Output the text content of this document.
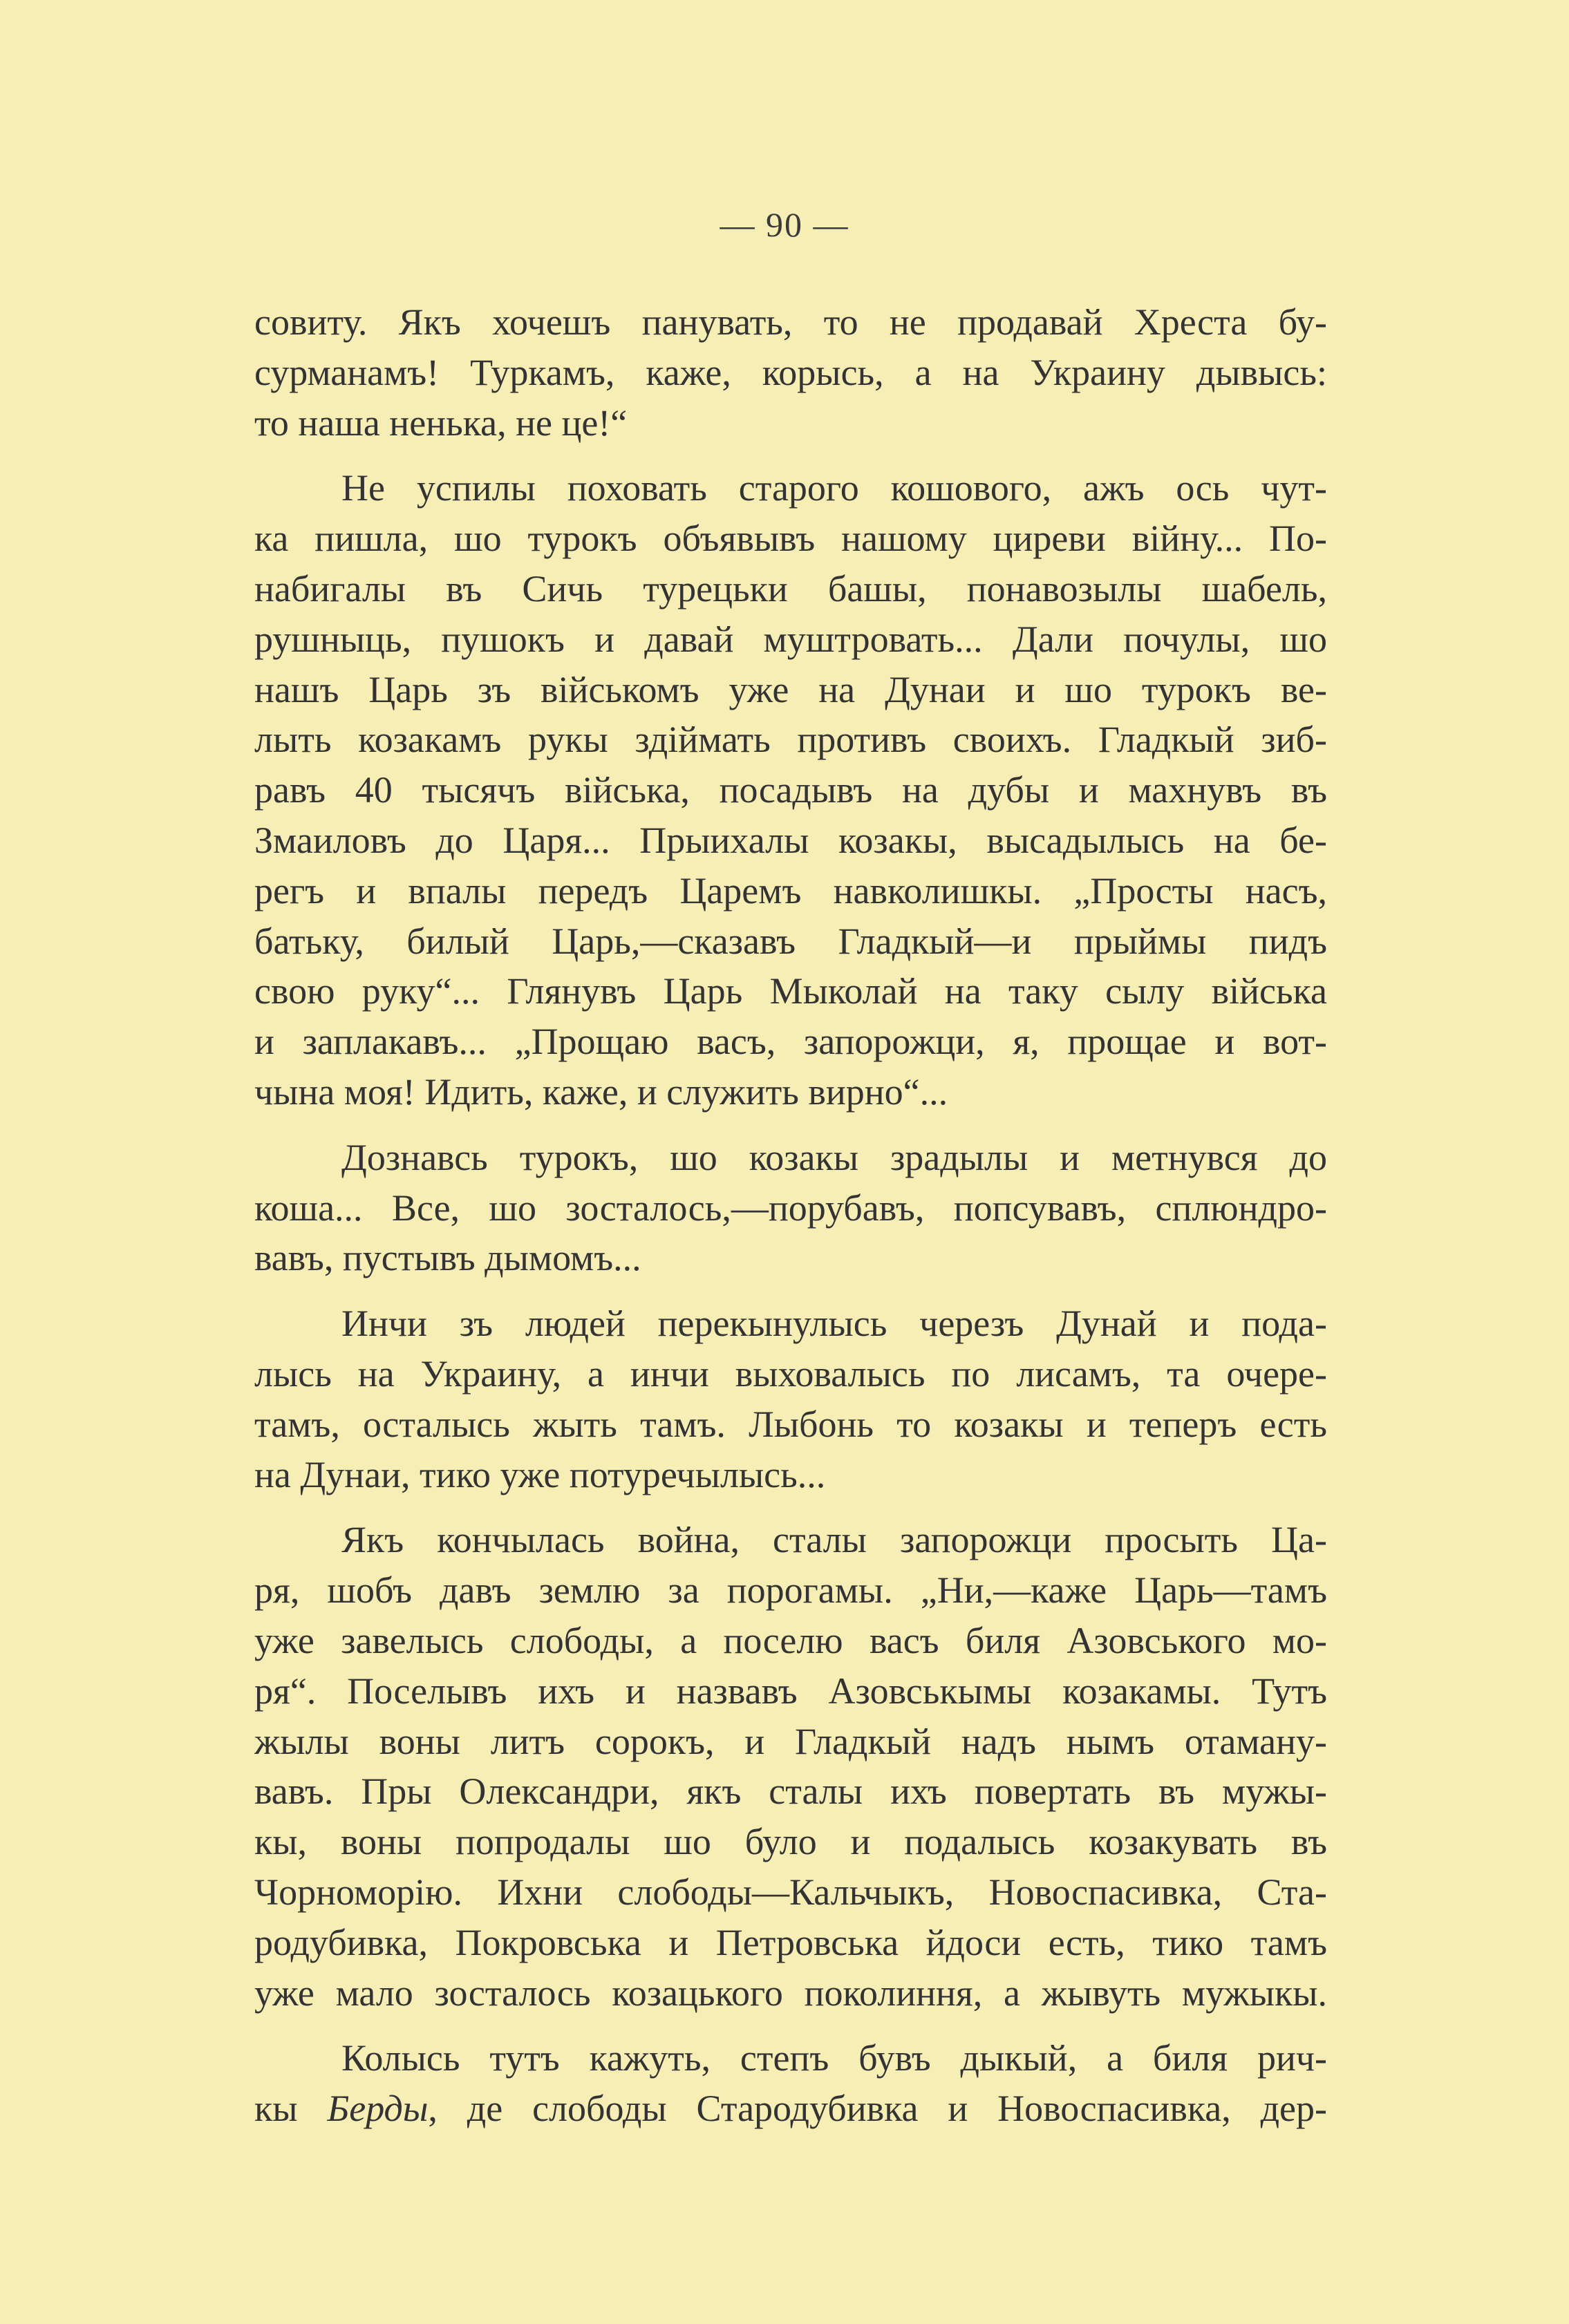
— 90 —
совиту. Якъ хочешъ панувать, то не продавай Хреста бу-
сурманамъ! Туркамъ, каже, корысь, а на Украину дывысь:
то наша ненька, не це!“
Не успилы поховать старого кошового, ажъ ось чут-
ка пишла, шо турокъ объявывъ нашому циреви війну... По-
набигалы въ Сичь турецьки башы, понавозылы шабель,
рушныць, пушокъ и давай муштровать... Дали почулы, шо
нашъ Царь зъ військомъ уже на Дунаи и шо турокъ ве-
лыть козакамъ рукы здіймать противъ своихъ. Гладкый зиб-
равъ 40 тысячъ війська, посадывъ на дубы и махнувъ въ
Змаиловъ до Царя... Прыихалы козакы, высадылысь на бе-
регъ и впалы передъ Царемъ навколишкы. „Просты насъ,
батьку, билый Царь,—сказавъ Гладкый—и прыймы пидъ
свою руку“... Глянувъ Царь Мыколай на таку сылу війська
и заплакавъ... „Прощаю васъ, запорожци, я, прощае и вот-
чына моя! Идить, каже, и служить вирно“...
Дознавсь турокъ, шо козакы зрадылы и метнувся до
коша... Все, шо зосталось,—порубавъ, попсувавъ, сплюндро-
вавъ, пустывъ дымомъ...
Инчи зъ людей перекынулысь черезъ Дунай и пода-
лысь на Украину, а инчи выховалысь по лисамъ, та очере-
тамъ, осталысь жыть тамъ. Лыбонь то козакы и теперъ есть
на Дунаи, тико уже потуречылысь...
Якъ кончылась война, сталы запорожци просыть Ца-
ря, шобъ давъ землю за порогамы. „Ни,—каже Царь—тамъ
уже завелысь слободы, а поселю васъ биля Азовського мо-
ря“. Поселывъ ихъ и назвавъ Азовськымы козакамы. Тутъ
жылы воны литъ сорокъ, и Гладкый надъ нымъ отаману-
вавъ. Пры Олександри, якъ сталы ихъ повертать въ мужы-
кы, воны попродалы шо було и подалысь козакувать въ
Чорноморію. Ихни слободы—Кальчыкъ, Новоспасивка, Ста-
родубивка, Покровська и Петровська йдоси есть, тико тамъ
уже мало зосталось козацького поколиння, а жывуть мужыкы.
Колысь тутъ кажуть, степъ бувъ дыкый, а биля рич-
кы Берды, де слободы Стародубивка и Новоспасивка, дер-
